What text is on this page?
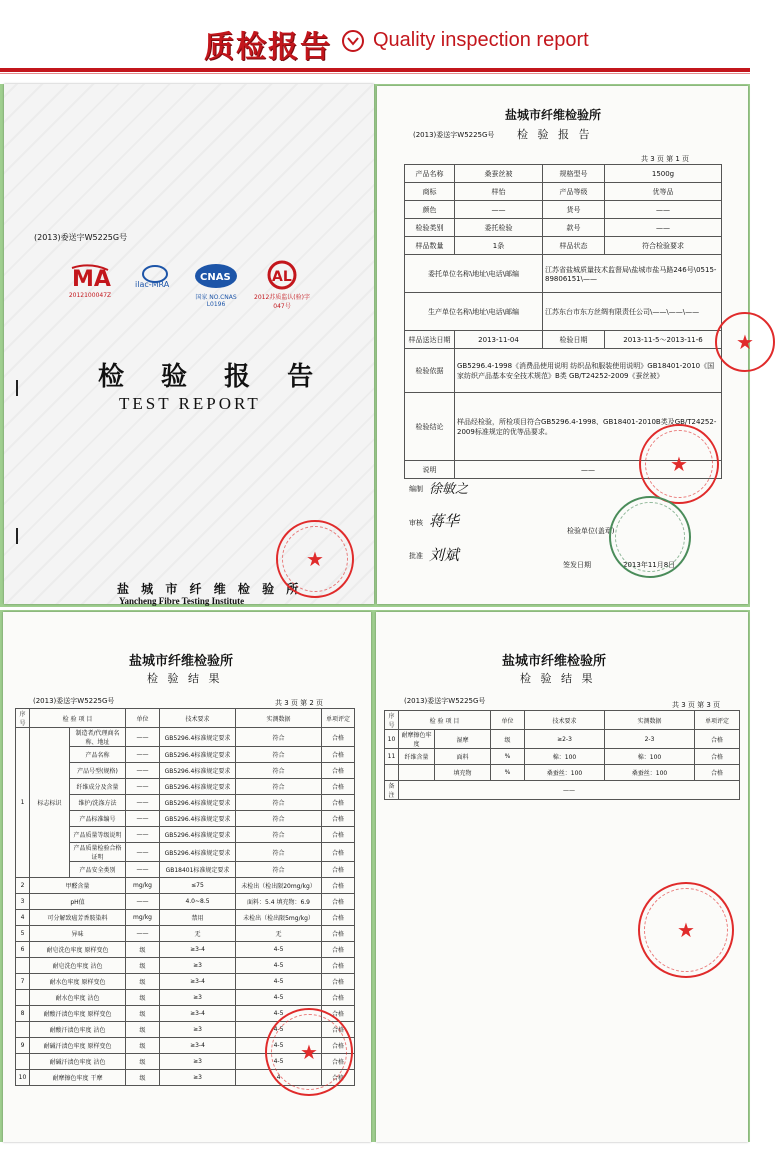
质检报告 Quality inspection report
(2013)委送字W5225G号
MA
2012100047Z
ilac-MRA
CNAS
国家 NO.CNAS L0196
AL
2012苏质监认(验)字 047号
检 验 报 告
TEST REPORT
盐 城 市 纤 维 检 验 所
Yancheng Fibre Testing Institute
★
盐城市纤维检验所
检 验 报 告
(2013)委送字W5225G号
共 3 页 第 1 页
产品名称	桑蚕丝被	规格型号	1500g
商标	样怡	产品等级	优等品
颜色	——	货号	——
检验类别	委托检验	款号	——
样品数量	1条	样品状态	符合检验要求
委托单位名称\地址\电话\邮编		江苏省盐城质量技术监督局\盐城市盐马路246号\0515-89806151\——	
生产单位名称\地址\电话\邮编		江苏东台市东方丝绸有限责任公司\——\——\——	
样品送达日期	2013-11-04	检验日期	2013-11-5～2013-11-6
检验依据	GB5296.4-1998《消费品使用说明 纺织品和服装使用说明》GB18401-2010《国家纺织产品基本安全技术规范》B类 GB/T24252-2009《蚕丝被》		
检验结论	样品经检验，所检项目符合GB5296.4-1998、GB18401-2010B类及GB/T24252-2009标准规定的优等品要求。		
说明	——		
编制 徐敏之
审核 蒋华
批准 刘斌
检验单位(盖章)
签发日期	2013年11月8日
★
★
盐城市纤维检验所
检 验 结 果
(2013)委送字W5225G号	共 3 页 第 2 页
序号	检 验 项 目		单位	技术要求	实测数据	单项评定
1	标志标识	制造者/代理商名称、地址	——	GB5296.4标准规定要求	符合	合格
		产品名称	——	GB5296.4标准规定要求	符合	合格
		产品号型(规格)	——	GB5296.4标准规定要求	符合	合格
		纤维成分及含量	——	GB5296.4标准规定要求	符合	合格
		维护/洗涤方法	——	GB5296.4标准规定要求	符合	合格
		产品标准编号	——	GB5296.4标准规定要求	符合	合格
		产品质量等级说明	——	GB5296.4标准规定要求	符合	合格
		产品质量检验合格证明	——	GB5296.4标准规定要求	符合	合格
		产品安全类别	——	GB18401标准规定要求	符合	合格
2	甲醛含量		mg/kg	≤75	未检出（检出限20mg/kg）	合格
3	pH值		——	4.0~8.5	面料：5.4 填充物：6.9	合格
4	可分解致癌芳香胺染料		mg/kg	禁用	未检出（检出限5mg/kg）	合格
5	异味		——	无	无	合格
6	耐皂洗色牢度 原样变色		级	≥3-4	4-5	合格
	耐皂洗色牢度 沾色		级	≥3	4-5	合格
7	耐水色牢度 原样变色		级	≥3-4	4-5	合格
	耐水色牢度 沾色		级	≥3	4-5	合格
8	耐酸汗渍色牢度 原样变色		级	≥3-4	4-5	合格
	耐酸汗渍色牢度 沾色		级	≥3	4-5	合格
9	耐碱汗渍色牢度 原样变色		级	≥3-4	4-5	合格
	耐碱汗渍色牢度 沾色		级	≥3	4-5	合格
10	耐摩擦色牢度 干摩		级	≥3	4	合格
★
盐城市纤维检验所
检 验 结 果
(2013)委送字W5225G号	共 3 页 第 3 页
序号	检 验 项 目		单位	技术要求	实测数据	单项评定
10	耐摩擦色牢度	湿摩	级	≥2-3	2-3	合格
11	纤维含量	面料	%	棉：100	棉：100	合格
		填充物	%	桑蚕丝：100	桑蚕丝：100	合格
备注	——					
★
